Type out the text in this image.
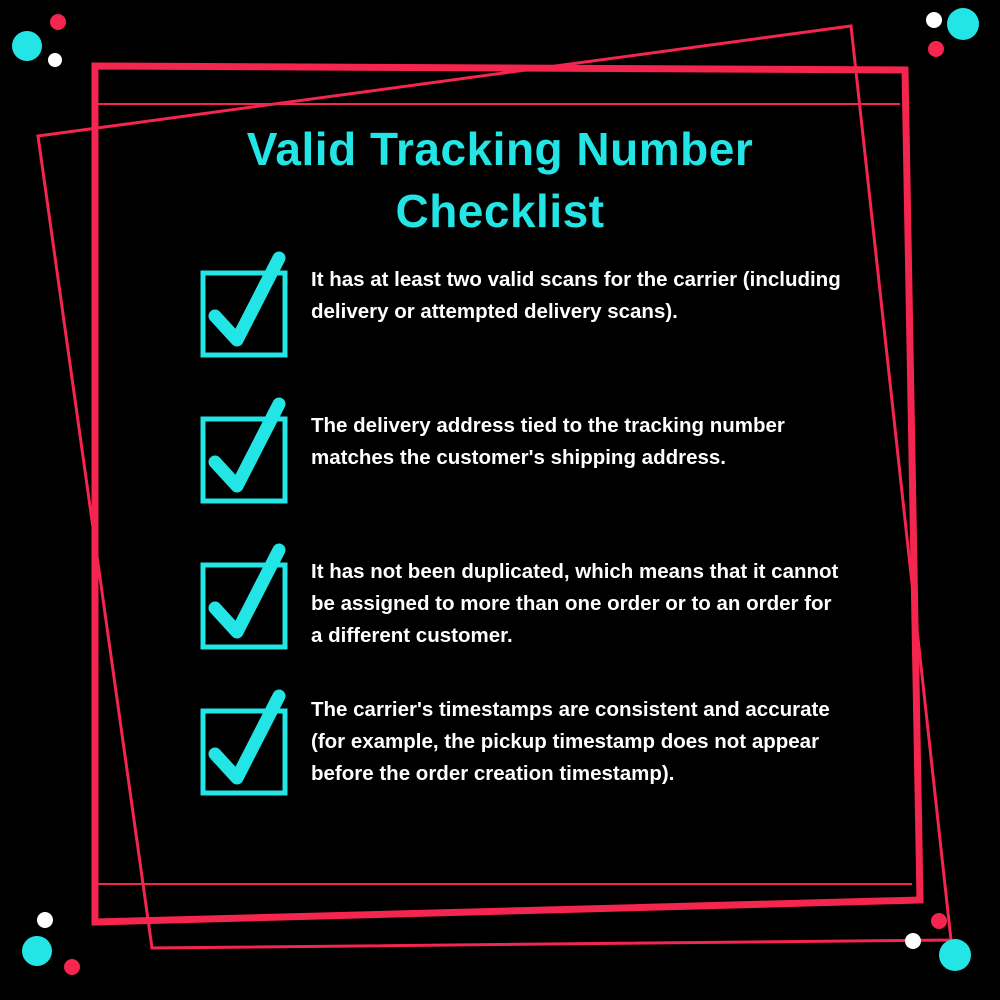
Valid Tracking Number Checklist
It has at least two valid scans for the carrier (including delivery or attempted delivery scans).
The delivery address tied to the tracking number matches the customer's shipping address.
It has not been duplicated, which means that it cannot be assigned to more than one order or to an order for a different customer.
The carrier's timestamps are consistent and accurate (for example, the pickup timestamp does not appear before the order creation timestamp).
